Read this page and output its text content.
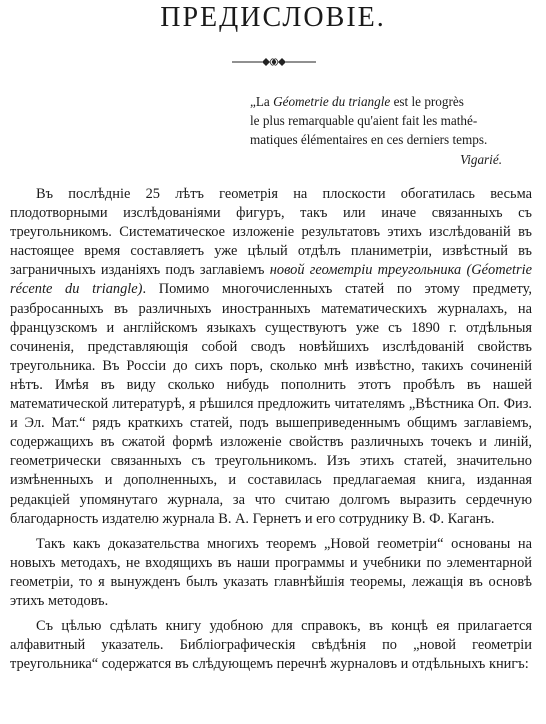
ПРЕДИСЛОВIЕ.
„La Géometrie du triangle est le progrès
le plus remarquable qu'aient fait les mathé-
matiques élémentaires en ces derniers temps.
Vigarié.

Въ послѣдніе 25 лѣтъ геометрія на плоскости обогатилась весьма плодотворными изслѣдованіями фигуръ, такъ или иначе связанныхъ съ треугольникомъ. Систематическое изложеніе результатовъ этихъ изслѣдованій въ настоящее время составляетъ уже цѣлый отдѣлъ планиметріи, извѣстный въ заграничныхъ изданіяхъ подъ заглавіемъ новой геометріи треугольника (Géometrie récente du triangle). Помимо многочисленныхъ статей по этому предмету, разбросанныхъ въ различныхъ иностранныхъ математическихъ журналахъ, на французскомъ и англійскомъ языкахъ существуютъ уже съ 1890 г. отдѣльныя сочиненія, представляющія собой сводъ новѣйшихъ изслѣдованій свойствъ треугольника. Въ Россіи до сихъ поръ, сколько мнѣ извѣстно, такихъ сочиненій нѣтъ. Имѣя въ виду сколько нибудь пополнить этотъ пробѣлъ въ нашей математической литературѣ, я рѣшился предложить читателямъ „Вѣстника Оп. Физ. и Эл. Мат.“ рядъ краткихъ статей, подъ вышеприведеннымъ общимъ заглавіемъ, содержащихъ въ сжатой формѣ изложеніе свойствъ различныхъ точекъ и линій, геометрически связанныхъ съ треугольникомъ. Изъ этихъ статей, значительно измѣненныхъ и дополненныхъ, и составилась предлагаемая книга, изданная редакціей упомянутаго журнала, за что считаю долгомъ выразить сердечную благодарность издателю журнала В. А. Гернетъ и его сотруднику В. Ф. Каганъ.

Такъ какъ доказательства многихъ теоремъ „Новой геометріи“ основаны на новыхъ методахъ, не входящихъ въ наши программы и учебники по элементарной геометріи, то я вынужденъ былъ указать главнѣйшія теоремы, лежащія въ основѣ этихъ методовъ.

Съ цѣлью сдѣлать книгу удобною для справокъ, въ концѣ ея прилагается алфавитный указатель. Библіографическія свѣдѣнія по „новой геометріи треугольника“ содержатся въ слѣдующемъ перечнѣ журналовъ и отдѣльныхъ книгъ:
